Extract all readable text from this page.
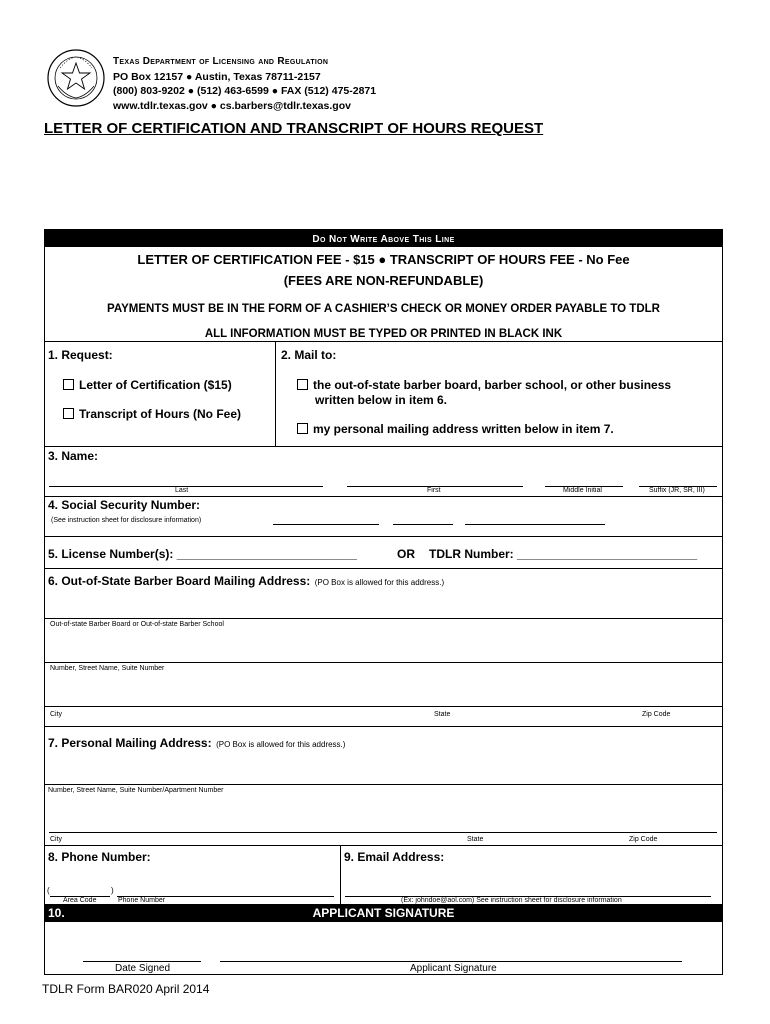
Texas Department of Licensing and Regulation
PO Box 12157 ● Austin, Texas 78711-2157
(800) 803-9202 ● (512) 463-6599 ● FAX (512) 475-2871
www.tdlr.texas.gov ● cs.barbers@tdlr.texas.gov
LETTER OF CERTIFICATION AND TRANSCRIPT OF HOURS REQUEST
Do Not Write Above This Line
LETTER OF CERTIFICATION FEE - $15 ● TRANSCRIPT OF HOURS FEE - No Fee
(FEES ARE NON-REFUNDABLE)
PAYMENTS MUST BE IN THE FORM OF A CASHIER’S CHECK OR MONEY ORDER PAYABLE TO TDLR
ALL INFORMATION MUST BE TYPED OR PRINTED IN BLACK INK
1. Request:
Letter of Certification ($15)
Transcript of Hours (No Fee)
2. Mail to:
the out-of-state barber board, barber school, or other business
written below in item 6.
my personal mailing address written below in item 7.
3. Name:
Last	First	Middle Initial	Suffix (JR, SR, III)
4. Social Security Number:
(See instruction sheet for disclosure information)
5. License Number(s): ___________________________	OR TDLR Number: ___________________________
6. Out-of-State Barber Board Mailing Address: (PO Box is allowed for this address.)
Out-of-state Barber Board or Out-of-state Barber School
Number, Street Name, Suite Number
City	State	Zip Code
7. Personal Mailing Address: (PO Box is allowed for this address.)
Number, Street Name, Suite Number/Apartment Number
City	State	Zip Code
8. Phone Number:
(	)
Area Code	Phone Number
9. Email Address:
(Ex: johndoe@aol.com) See instruction sheet for disclosure information
10.	APPLICANT SIGNATURE
Date Signed	Applicant Signature
TDLR Form BAR020 April 2014
